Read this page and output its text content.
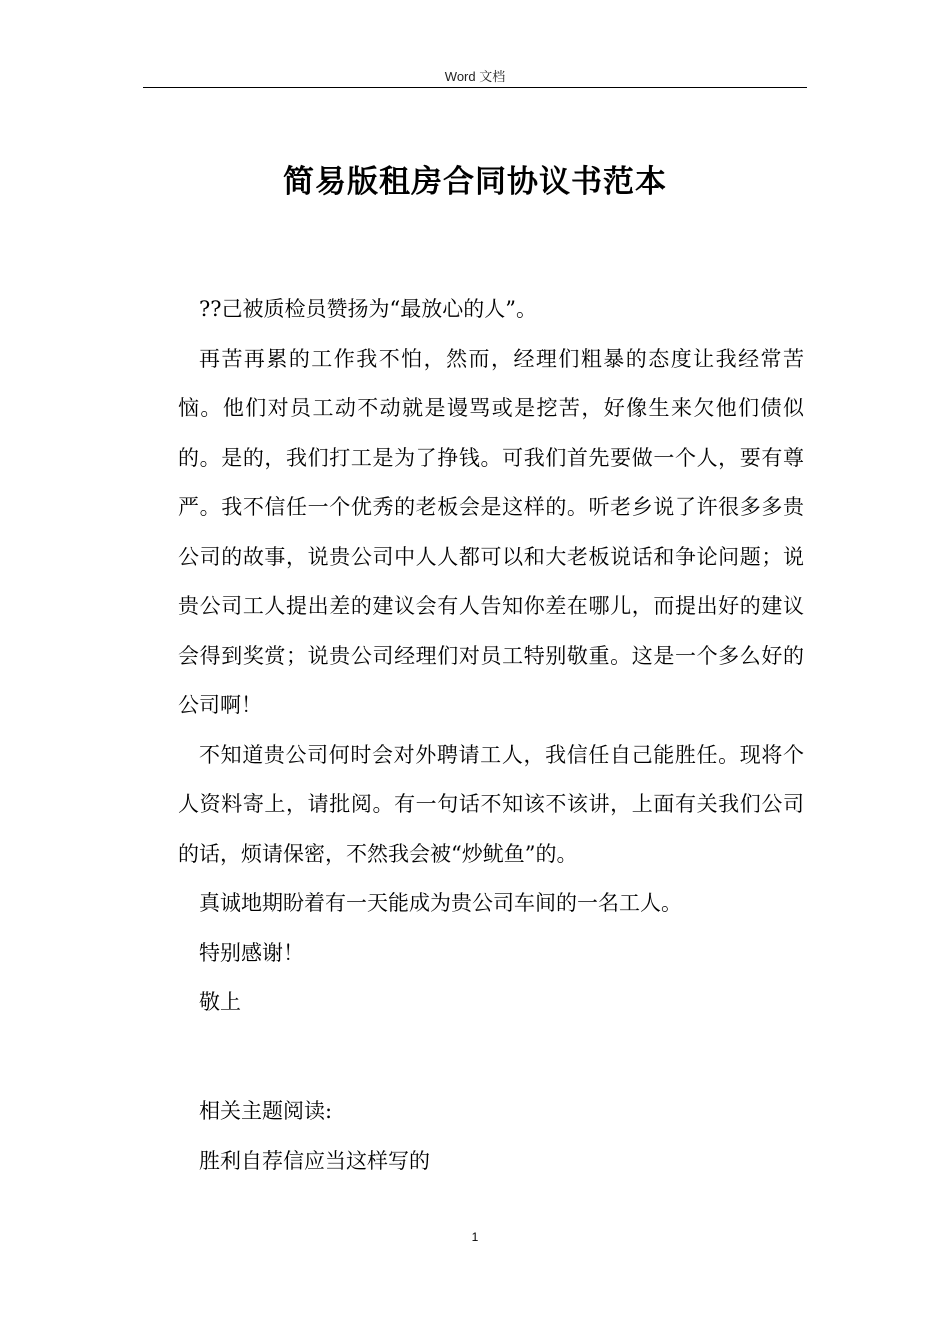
Word 文档
简易版租房合同协议书范本

??己被质检员赞扬为“最放心的人”。

再苦再累的工作我不怕，然而，经理们粗暴的态度让我经常苦恼。他们对员工动不动就是谩骂或是挖苦，好像生来欠他们债似的。是的，我们打工是为了挣钱。可我们首先要做一个人，要有尊严。我不信任一个优秀的老板会是这样的。听老乡说了许很多多贵公司的故事，说贵公司中人人都可以和大老板说话和争论问题；说贵公司工人提出差的建议会有人告知你差在哪儿，而提出好的建议会得到奖赏；说贵公司经理们对员工特别敬重。这是一个多么好的公司啊！

不知道贵公司何时会对外聘请工人，我信任自己能胜任。现将个人资料寄上，请批阅。有一句话不知该不该讲，上面有关我们公司的话，烦请保密，不然我会被“炒鱿鱼”的。

真诚地期盼着有一天能成为贵公司车间的一名工人。

特别感谢！

敬上

相关主题阅读:

胜利自荐信应当这样写的

1
